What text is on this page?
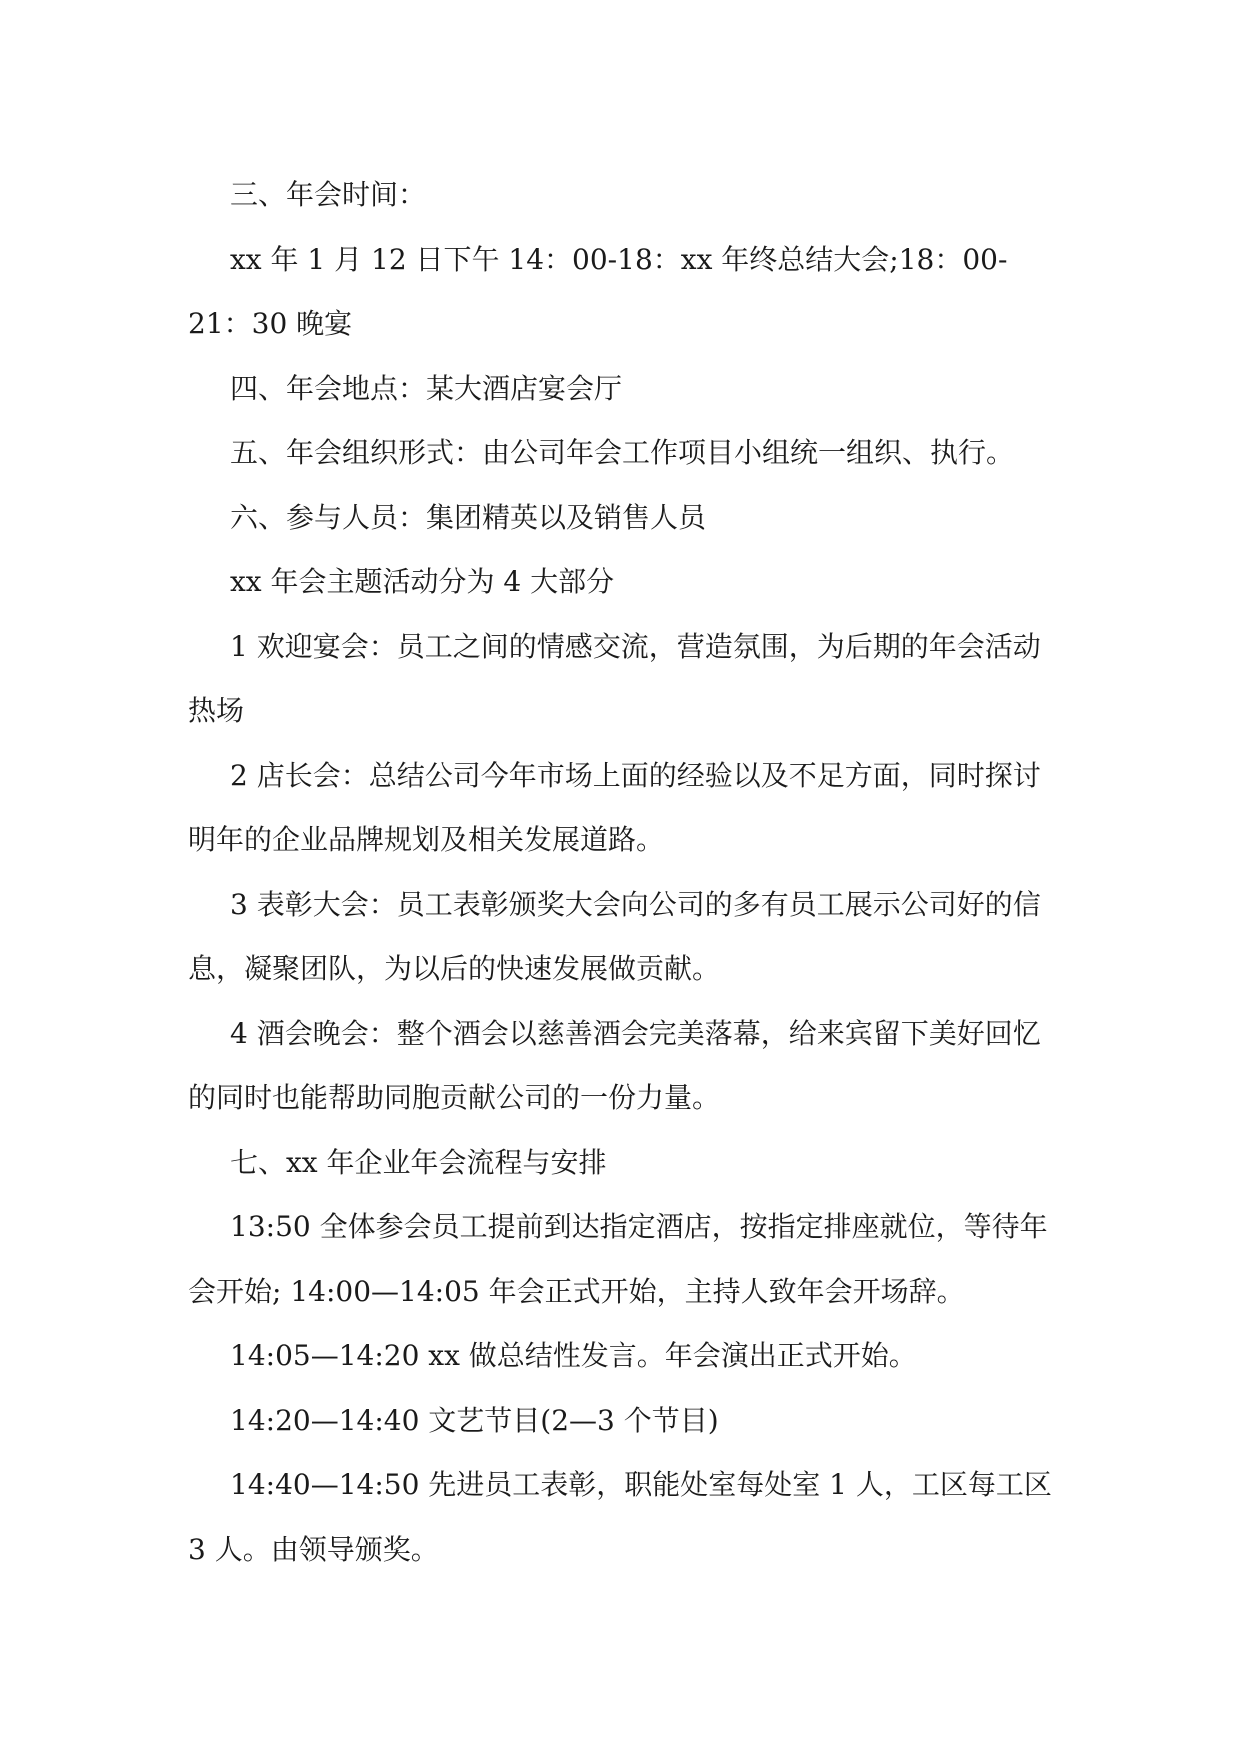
三、年会时间：

xx 年 1 月 12 日下午 14：00-18：xx 年终总结大会;18：00-21：30 晚宴

四、年会地点：某大酒店宴会厅

五、年会组织形式：由公司年会工作项目小组统一组织、执行。

六、参与人员：集团精英以及销售人员

xx 年会主题活动分为 4 大部分

1 欢迎宴会：员工之间的情感交流，营造氛围，为后期的年会活动热场

2 店长会：总结公司今年市场上面的经验以及不足方面，同时探讨明年的企业品牌规划及相关发展道路。

3 表彰大会：员工表彰颁奖大会向公司的多有员工展示公司好的信息，凝聚团队，为以后的快速发展做贡献。

4 酒会晚会：整个酒会以慈善酒会完美落幕，给来宾留下美好回忆的同时也能帮助同胞贡献公司的一份力量。

七、xx 年企业年会流程与安排

13:50 全体参会员工提前到达指定酒店，按指定排座就位，等待年会开始; 14:00—14:05 年会正式开始，主持人致年会开场辞。

14:05—14:20 xx 做总结性发言。年会演出正式开始。

14:20—14:40 文艺节目(2—3 个节目)

14:40—14:50 先进员工表彰，职能处室每处室 1 人，工区每工区 3 人。由领导颁奖。
